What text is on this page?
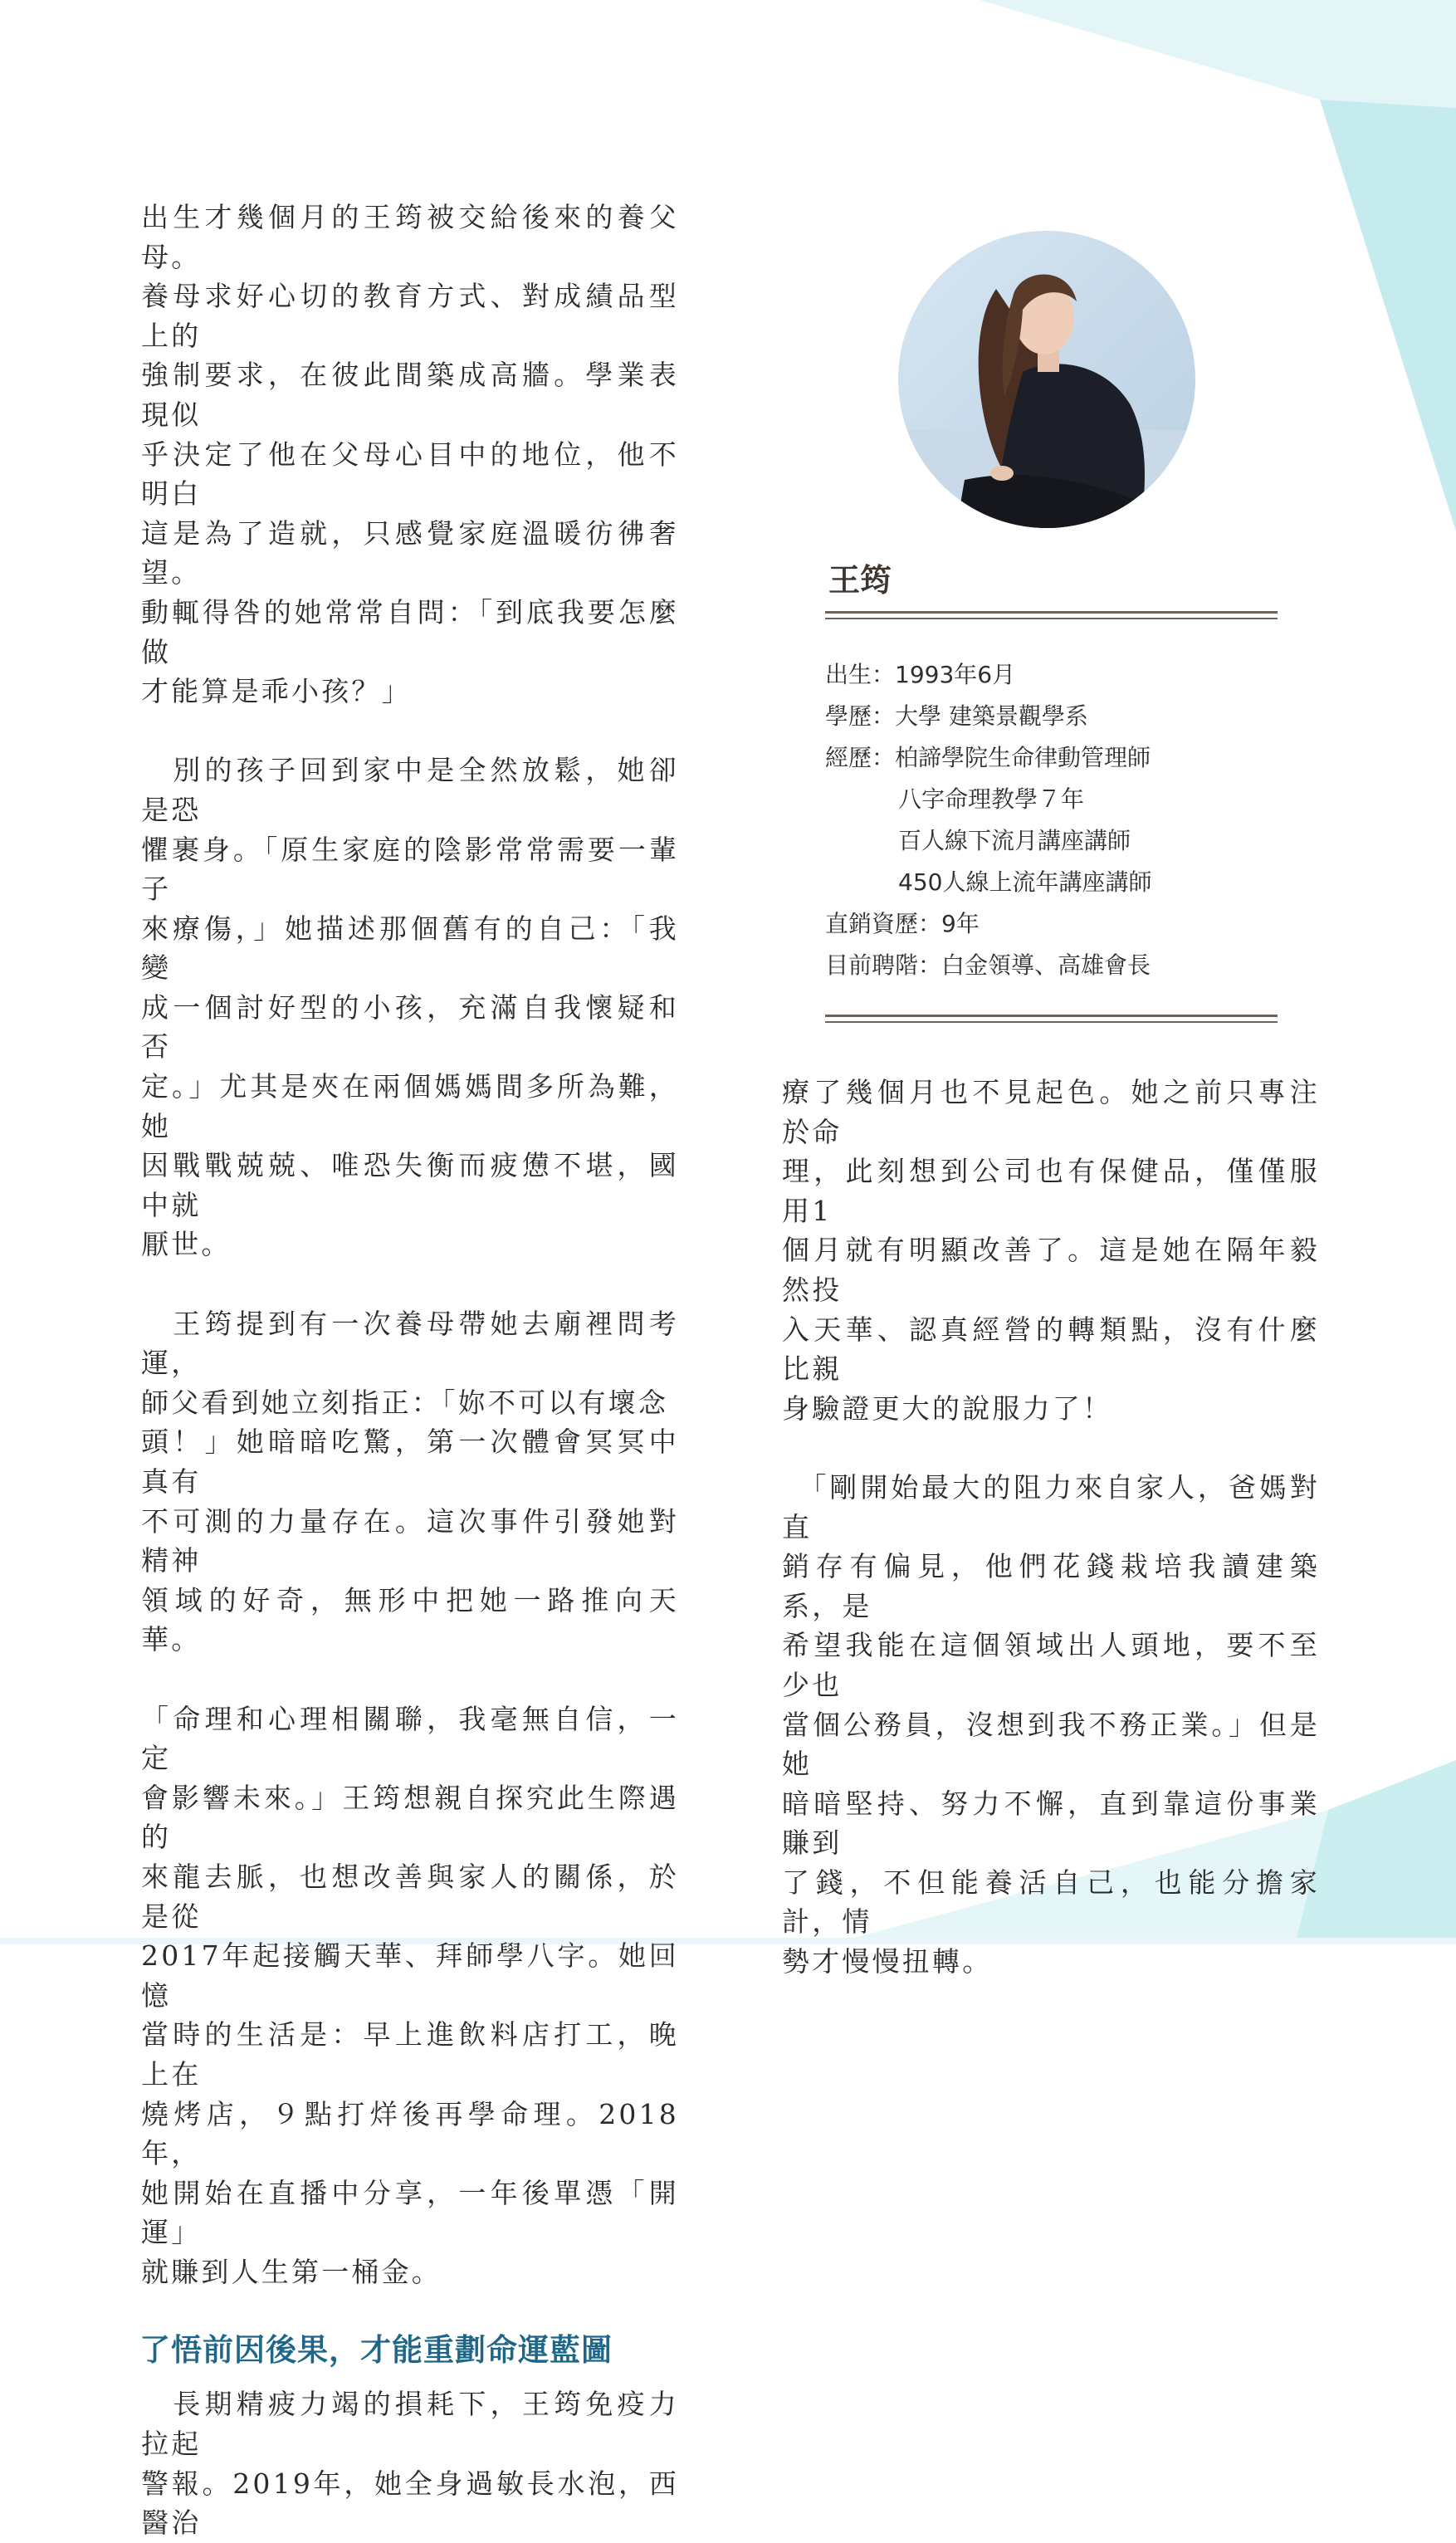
出生才幾個月的王筠被交給後來的養父母。
養母求好心切的教育方式、對成績品型上的
強制要求，在彼此間築成高牆。學業表現似
乎決定了他在父母心目中的地位，他不明白
這是為了造就，只感覺家庭溫暖彷彿奢望。
動輒得咎的她常常自問：「到底我要怎麼做
才能算是乖小孩？」

　別的孩子回到家中是全然放鬆，她卻是恐
懼裹身。「原生家庭的陰影常常需要一輩子
來療傷，」她描述那個舊有的自己：「我變
成一個討好型的小孩，充滿自我懷疑和否
定。」尤其是夾在兩個媽媽間多所為難，她
因戰戰兢兢、唯恐失衡而疲憊不堪，國中就
厭世。

　王筠提到有一次養母帶她去廟裡問考運，
師父看到她立刻指正：「妳不可以有壞念
頭！」她暗暗吃驚，第一次體會冥冥中真有
不可測的力量存在。這次事件引發她對精神
領域的好奇，無形中把她一路推向天華。

「命理和心理相關聯，我毫無自信，一定
會影響未來。」王筠想親自探究此生際遇的
來龍去脈，也想改善與家人的關係，於是從
2017年起接觸天華、拜師學八字。她回憶
當時的生活是：早上進飲料店打工，晚上在
燒烤店，９點打烊後再學命理。2018年，
她開始在直播中分享，一年後單憑「開運」
就賺到人生第一桶金。

了悟前因後果，才能重劃命運藍圖

　長期精疲力竭的損耗下，王筠免疫力拉起
警報。2019年，她全身過敏長水泡，西醫治

王筠
出生：1993年6月
學歷：大學 建築景觀學系
經歷：柏諦學院生命律動管理師
八字命理教學７年
百人線下流月講座講師
450人線上流年講座講師
直銷資歷：9年
目前聘階：白金領導、高雄會長

療了幾個月也不見起色。她之前只專注於命
理，此刻想到公司也有保健品，僅僅服用1
個月就有明顯改善了。這是她在隔年毅然投
入天華、認真經營的轉類點，沒有什麼比親
身驗證更大的說服力了！

　「剛開始最大的阻力來自家人，爸媽對直
銷存有偏見，他們花錢栽培我讀建築系，是
希望我能在這個領域出人頭地，要不至少也
當個公務員，沒想到我不務正業。」但是她
暗暗堅持、努力不懈，直到靠這份事業賺到
了錢，不但能養活自己，也能分擔家計，情
勢才慢慢扭轉。
